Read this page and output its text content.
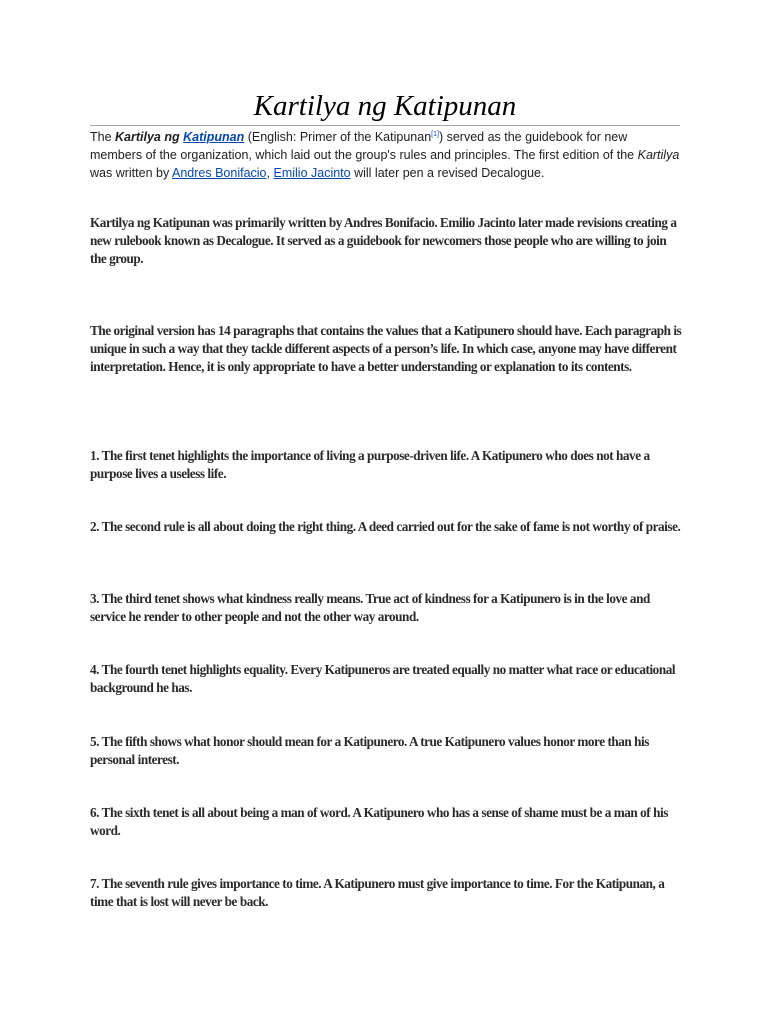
Kartilya ng Katipunan

The Kartilya ng Katipunan (English: Primer of the Katipunan[1]) served as the guidebook for new members of the organization, which laid out the group's rules and principles. The first edition of the Kartilya was written by Andres Bonifacio, Emilio Jacinto will later pen a revised Decalogue.

Kartilya ng Katipunan was primarily written by Andres Bonifacio. Emilio Jacinto later made revisions creating a new rulebook known as Decalogue. It served as a guidebook for newcomers those people who are willing to join the group.

The original version has 14 paragraphs that contains the values that a Katipunero should have. Each paragraph is unique in such a way that they tackle different aspects of a person’s life. In which case, anyone may have different interpretation. Hence, it is only appropriate to have a better understanding or explanation to its contents.

1. The first tenet highlights the importance of living a purpose-driven life. A Katipunero who does not have a purpose lives a useless life.

2. The second rule is all about doing the right thing. A deed carried out for the sake of fame is not worthy of praise.

3. The third tenet shows what kindness really means. True act of kindness for a Katipunero is in the love and service he render to other people and not the other way around.

4. The fourth tenet highlights equality. Every Katipuneros are treated equally no matter what race or educational background he has.

5. The fifth shows what honor should mean for a Katipunero. A true Katipunero values honor more than his personal interest.

6. The sixth tenet is all about being a man of word. A Katipunero who has a sense of shame must be a man of his word.

7. The seventh rule gives importance to time. A Katipunero must give importance to time. For the Katipunan, a time that is lost will never be back.
